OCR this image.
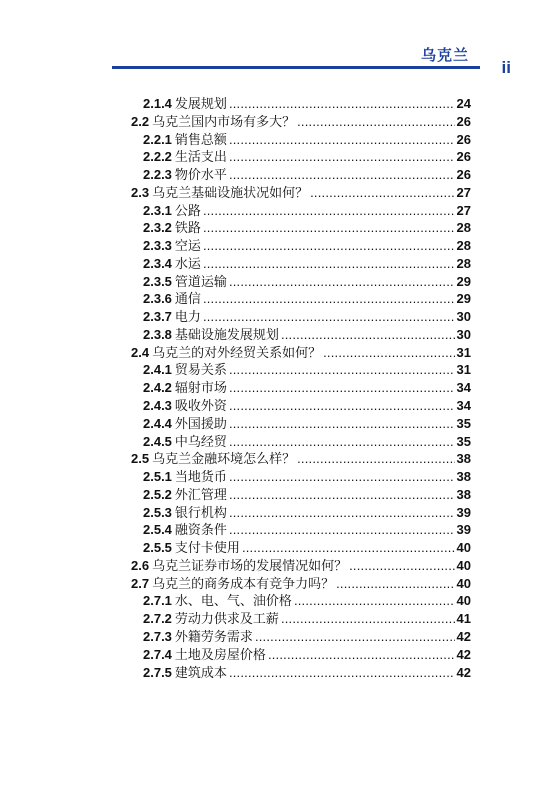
乌克兰
ii
2.1.4 发展规划 .....	24
2.2 乌克兰国内市场有多大？ .....	26
2.2.1 销售总额 .....	26
2.2.2 生活支出 .....	26
2.2.3 物价水平 .....	26
2.3 乌克兰基础设施状况如何？ .....	27
2.3.1 公路 .....	27
2.3.2 铁路 .....	28
2.3.3 空运 .....	28
2.3.4 水运 .....	28
2.3.5 管道运输 .....	29
2.3.6 通信 .....	29
2.3.7 电力 .....	30
2.3.8 基础设施发展规划 .....	30
2.4 乌克兰的对外经贸关系如何？ .....	31
2.4.1 贸易关系 .....	31
2.4.2 辐射市场 .....	34
2.4.3 吸收外资 .....	34
2.4.4 外国援助 .....	35
2.4.5 中乌经贸 .....	35
2.5 乌克兰金融环境怎么样？ .....	38
2.5.1 当地货币 .....	38
2.5.2 外汇管理 .....	38
2.5.3 银行机构 .....	39
2.5.4 融资条件 .....	39
2.5.5 支付卡使用 .....	40
2.6 乌克兰证券市场的发展情况如何？ .....	40
2.7 乌克兰的商务成本有竞争力吗？ .....	40
2.7.1 水、电、气、油价格 .....	40
2.7.2 劳动力供求及工薪 .....	41
2.7.3 外籍劳务需求 .....	42
2.7.4 土地及房屋价格 .....	42
2.7.5 建筑成本 .....	42
